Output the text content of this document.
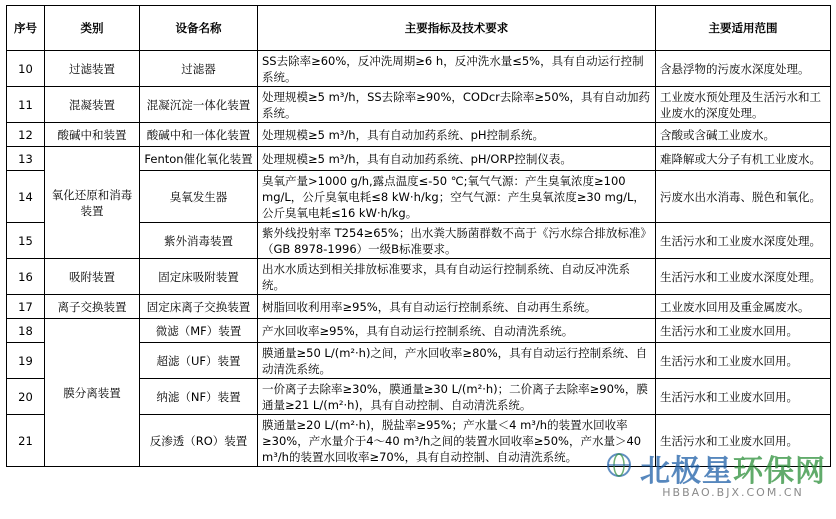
序号	类别	设备名称	主要指标及技术要求	主要适用范围
10	过滤装置	过滤器	SS去除率≥60%，反冲洗周期≥6 h，反冲洗水量≤5%，具有自动运行控制系统。	含悬浮物的污废水深度处理。
11	混凝装置	混凝沉淀一体化装置	处理规模≥5 m³/h，SS去除率≥90%，CODcr去除率≥50%，具有自动加药系统。	工业废水预处理及生活污水和工业废水的深度处理。
12	酸碱中和装置	酸碱中和一体化装置	处理规模≥5 m³/h，具有自动加药系统、pH控制系统。	含酸或含碱工业废水。
13	氧化还原和消毒装置	Fenton催化氧化装置	处理规模≥5 m³/h，具有自动加药系统、pH/ORP控制仪表。	难降解或大分子有机工业废水。
14		臭氧发生器	臭氧产量>1000 g/h,露点温度≤-50 ℃;氧气气源：产生臭氧浓度≥100 mg/L，公斤臭氧电耗≤8 kW·h/kg；空气气源：产生臭氧浓度≥30 mg/L，公斤臭氧电耗≤16 kW·h/kg。	污废水出水消毒、脱色和氧化。
15		紫外消毒装置	紫外线投射率 T254≥65%；出水粪大肠菌群数不高于《污水综合排放标准》（GB 8978-1996）一级B标准要求。	生活污水和工业废水深度处理。
16	吸附装置	固定床吸附装置	出水水质达到相关排放标准要求，具有自动运行控制系统、自动反冲洗系统。	生活污水和工业废水深度处理。
17	离子交换装置	固定床离子交换装置	树脂回收利用率≥95%，具有自动运行控制系统、自动再生系统。	工业废水回用及重金属废水。
18	膜分离装置	微滤（MF）装置	产水回收率≥95%，具有自动运行控制系统、自动清洗系统。	生活污水和工业废水回用。
19		超滤（UF）装置	膜通量≥50 L/(m²·h)之间，产水回收率≥80%，具有自动运行控制系统、自动清洗系统。	生活污水和工业废水回用。
20		纳滤（NF）装置	一价离子去除率≥30%，膜通量≥30 L/(m²·h)；二价离子去除率≥90%，膜通量≥21 L/(m²·h)，具有自动控制、自动清洗系统。	生活污水和工业废水回用。
21		反渗透（RO）装置	膜通量≥20 L/(m²·h)，脱盐率≥95%；产水量＜4 m³/h的装置水回收率≥30%，产水量介于4～40 m³/h之间的装置水回收率≥50%，产水量＞40 m³/h的装置水回收率≥70%，具有自动控制、自动清洗系统。	生活污水和工业废水回用。
北极星环保网
HBBAO.BJX.COM.CN
